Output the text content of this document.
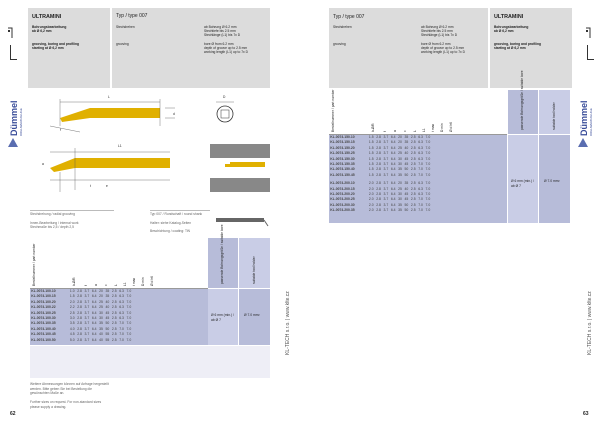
ULTRAMINI
Bohrungsbearbeitung
ab Ø 6,2 mm
grooving, boring and profiling
starting at Ø 6,2 mm
Typ / type 007
Stechdrehen
grooving
ab Bohrung Ø 6.2 mm
Stechtiefe bis 2.5 mm
Stechlänge (L1) bis 7x D
bore Ø from 6.2 mm
depth of groove up to 2.5 mm
working length (L1) up to 7x D
Dümmel DREHWERKZEUGE
L
L1
D
f
d
a
t	e
Stechdrehung / radial grooving
Innen-Bearbeitung / internal work
Stechmaße bis 2,5 / depth 2,5
Typ 007 / Rundschaft / round shank
Halter: siehe Katalog-Seiten
Beschichtung / coating: TiN
Bestellnummer / part number	b-Ø/B f a c L L1 t max D min Ø d h6	passende Bohrungsgröße / suitable bore	suitable tool holder
KL.0074.100.10	1.0	2.8	3.7	6.4	20	35	2.5	6.3	7.0
KL.0074.100.15	1.5	2.8	3.7	6.4	20	35	2.5	6.3	7.0
KL.0074.100.20	2.0	2.8	3.7	6.4	25	40	2.5	6.3	7.0
KL.0074.100.22	2.2	2.8	3.7	6.4	25	40	2.5	6.3	7.0
KL.0074.100.25	2.5	2.8	3.7	6.4	30	45	2.5	6.3	7.0
KL.0074.100.30	3.0	2.8	3.7	6.4	30	45	2.5	6.3	7.0
KL.0074.100.35	3.5	2.8	3.7	6.4	35	50	2.5	7.0	7.0
KL.0074.100.40	4.0	2.8	3.7	6.4	35	50	2.5	7.0	7.0
KL.0074.100.45	4.5	2.8	3.7	6.4	40	55	2.5	7.0	7.0
KL.0074.100.50	5.0	2.8	3.7	6.4	40	55	2.5	7.0	7.0
Ø 6 mm (min.) / ab Ø 7
Ø 7.0 mm²
Weitere Abmessungen können auf Anfrage hergestellt werden. Bitte geben Sie bei Bestellung die gewünschten Maße an.
Further sizes on request. For non-standard sizes please supply a drawing.
62
KL-TECH s.r.o. | www.klte.cz
Typ / type 007
Stechdrehen
grooving
ab Bohrung Ø 6.2 mm
Stechtiefe bis 2.5 mm
Stechlänge (L1) bis 7x D
bore Ø from 6.2 mm
depth of groove up to 2.5 mm
working length (L1) up to 7x D
ULTRAMINI
Bohrungsbearbeitung
ab Ø 6,2 mm
grooving, boring and profiling
starting at Ø 6,2 mm
Dümmel DREHWERKZEUGE
Bestellnummer / part number	b-Ø/B f a c L L1 t max D min Ø d h6	passende Bohrungsgröße / suitable bore	suitable tool holder
KL.0074.150.10	1.5	2.8	3.7	6.4	20	35	2.5	6.3	7.0
KL.0074.150.15	1.5	2.8	3.7	6.4	20	35	2.5	6.3	7.0
KL.0074.150.20	1.5	2.8	3.7	6.4	25	40	2.5	6.3	7.0
KL.0074.150.25	1.5	2.8	3.7	6.4	25	40	2.5	6.3	7.0
KL.0074.150.30	1.5	2.8	3.7	6.4	30	45	2.5	6.3	7.0
KL.0074.150.35	1.5	2.8	3.7	6.4	30	45	2.5	7.0	7.0
KL.0074.150.40	1.5	2.8	3.7	6.4	35	50	2.5	7.0	7.0
KL.0074.150.45	1.5	2.8	3.7	6.4	35	50	2.5	7.0	7.0
KL.0074.200.10	2.0	2.8	3.7	6.4	20	35	2.5	6.3	7.0
KL.0074.200.15	2.0	2.8	3.7	6.4	25	40	2.5	6.3	7.0
KL.0074.200.20	2.0	2.8	3.7	6.4	30	45	2.5	6.3	7.0
KL.0074.200.25	2.0	2.8	3.7	6.4	30	45	2.5	7.0	7.0
KL.0074.200.30	2.0	2.8	3.7	6.4	35	50	2.5	7.0	7.0
KL.0074.200.35	2.0	2.8	3.7	6.4	35	50	2.5	7.0	7.0
Ø 6 mm (min.) / ab Ø 7
Ø 7.0 mm²
63
KL-TECH s.r.o. | www.klte.cz
